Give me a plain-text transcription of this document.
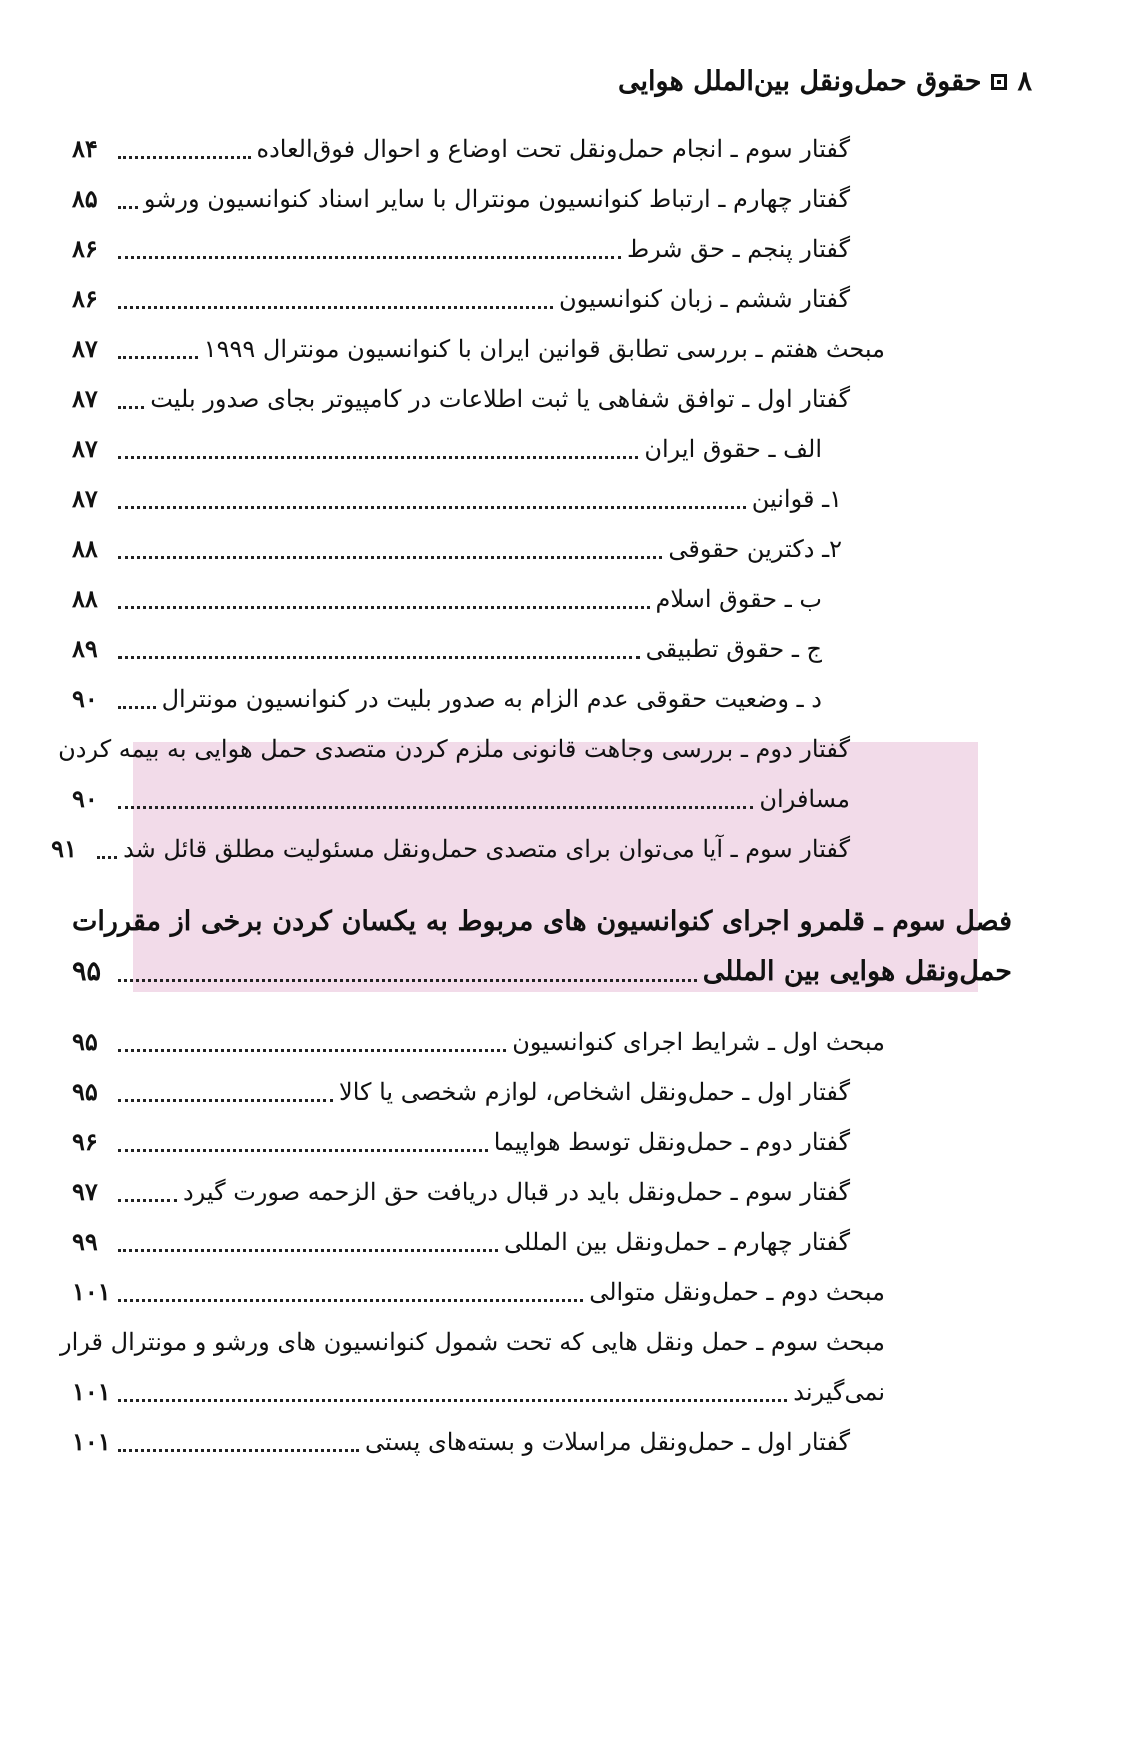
۸
حقوق حمل‌ونقل بین‌الملل هوایی
گفتار سوم ـ انجام حمل‌ونقل تحت اوضاع و احوال فوق‌العاده
۸۴
گفتار چهارم ـ ارتباط کنوانسیون مونترال با سایر اسناد کنوانسیون ورشو
۸۵
گفتار پنجم ـ حق شرط
۸۶
گفتار ششم ـ زبان کنوانسیون
۸۶
مبحث هفتم ـ بررسی تطابق قوانین ایران با کنوانسیون مونترال ۱۹۹۹
۸۷
گفتار اول ـ توافق شفاهی یا ثبت اطلاعات در کامپیوتر بجای صدور بلیت
۸۷
الف ـ حقوق ایران
۸۷
۱ـ قوانین
۸۷
۲ـ دکترین حقوقی
۸۸
ب ـ حقوق اسلام
۸۸
ج ـ حقوق تطبیقی
۸۹
د ـ وضعیت حقوقی عدم الزام به صدور بلیت در کنوانسیون مونترال
۹۰
گفتار دوم ـ بررسی وجاهت قانونی ملزم کردن متصدی حمل هوایی به بیمه کردن
مسافران
۹۰
گفتار سوم ـ آیا می‌توان برای متصدی حمل‌ونقل مسئولیت مطلق قائل شد
۹۱
فصل سوم ـ قلمرو اجرای کنوانسیون های مربوط به یکسان کردن برخی از مقررات
حمل‌ونقل هوایی بین المللی
۹۵
مبحث اول ـ شرایط اجرای کنوانسیون
۹۵
گفتار اول ـ حمل‌ونقل اشخاص، لوازم شخصی یا کالا
۹۵
گفتار دوم ـ حمل‌ونقل توسط هواپیما
۹۶
گفتار سوم ـ حمل‌ونقل باید در قبال دریافت حق الزحمه صورت گیرد
۹۷
گفتار چهارم ـ حمل‌ونقل بین المللی
۹۹
مبحث دوم ـ حمل‌ونقل متوالی
۱۰۱
مبحث سوم ـ حمل ونقل هایی که تحت شمول کنوانسیون های ورشو و مونترال قرار
نمی‌گیرند
۱۰۱
گفتار اول ـ حمل‌ونقل مراسلات و بسته‌های پستی
۱۰۱
